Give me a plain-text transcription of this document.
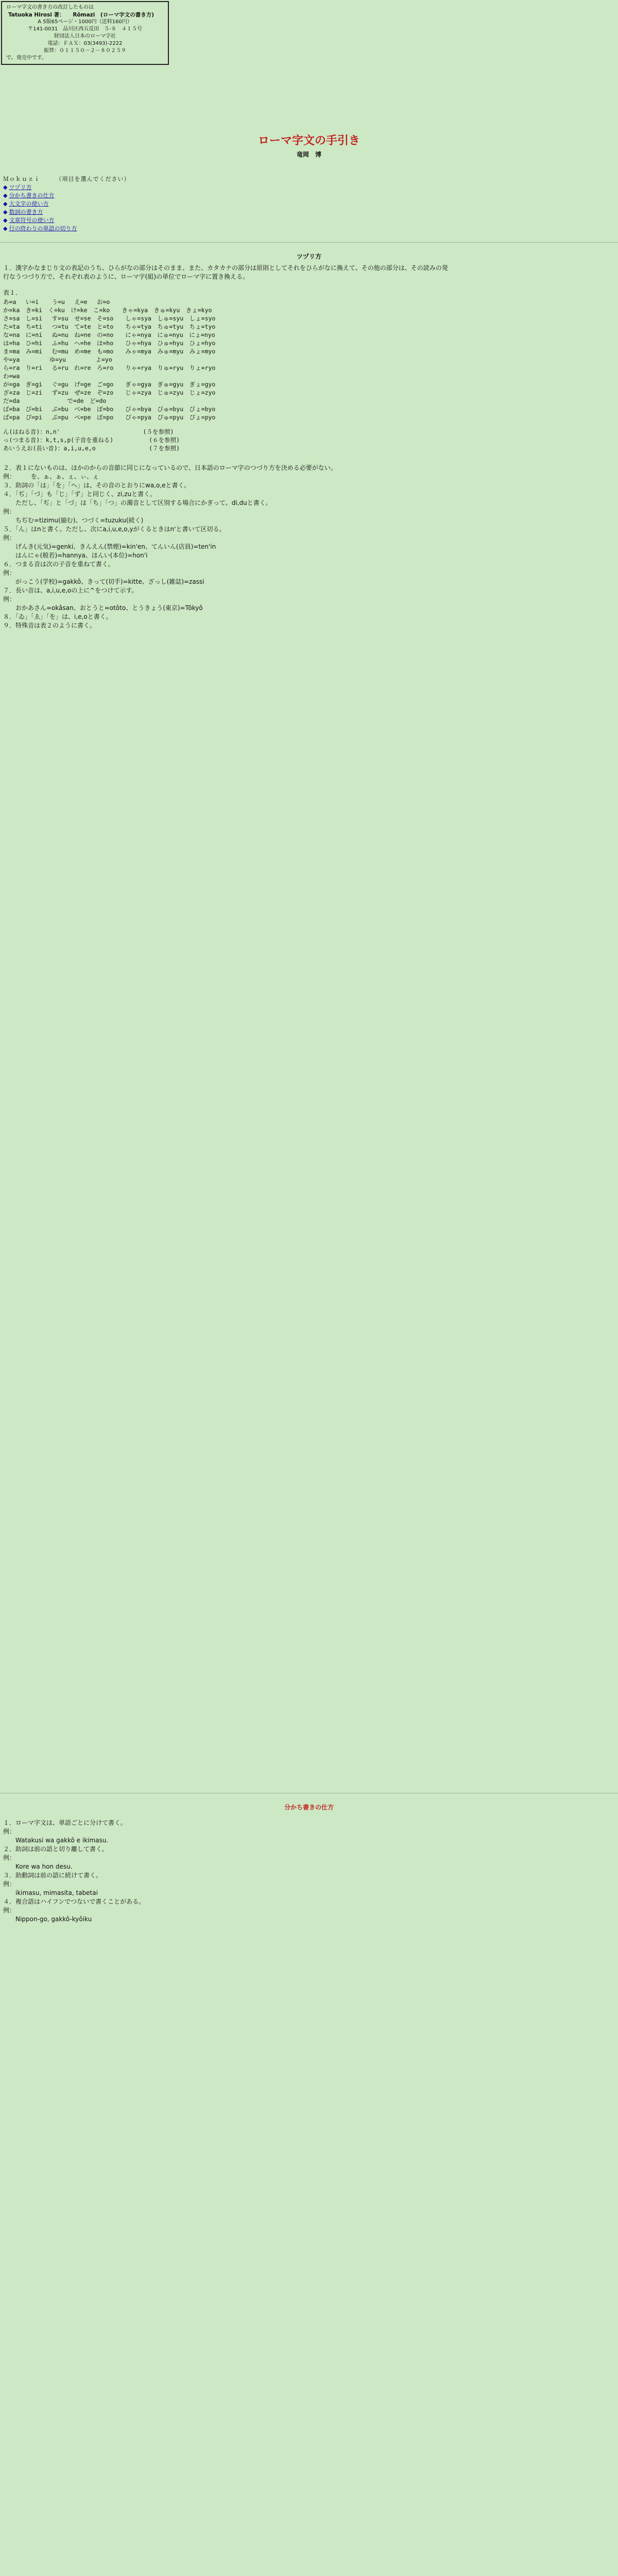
ローマ字文の書き方の改訂したものは
Tatuoka Hirosi 著：　　Rômazi　(ローマ字文の書き方)
A 5版65ページ・1000円（送料160円）
〒141-0031　品川区西五反田　５-８　４１５号
財団法人日本のローマ字社
電話：ＦＡＸ：03(3493)-2222
振替：０１１５０－２－８０２５９
で。発売中です。
ローマ字文の手引き
竜岡　博
Ｍｏｋｕｚｉ　　　（項目を選んでください）
◆ ツヅリ方
◆ 分かち書きの仕方
◆ 大文字の使い方
◆ 数詞の書き方
◆ 文章符号の使い方
◆ 行の終わりの単語の切り方
ツヅリ方
１．漢字かなまじり文の表記のうち、ひらがなの部分はそのまま、また、カタカナの部分は原則としてそれをひらがなに換えて、その他の部分は、その読みの発
行なうつづり方で、それぞれ表のように、ローマ字(組)の単位でローマ字に置き換える。
表１．
あ=a　 い=i　  う=u　 え=e　 お=o
か=ka　き=ki　く=ku　け=ke　こ=ko　　きゃ=kya　きゅ=kyu　きょ=kyo
さ=sa　し=si　 す=su　せ=se　そ=so　　しゃ=sya　しゅ=syu　しょ=syo
た=ta　ち=ti　 つ=tu　て=te　と=to　　ちゃ=tya　ちゅ=tyu　ちょ=tyo
な=na　に=ni　 ぬ=nu　ね=ne　の=no　　にゃ=nya　にゅ=nyu　にょ=nyo
は=ha　ひ=hi　 ふ=hu　へ=he　ほ=ho　　ひゃ=hya　ひゅ=hyu　ひょ=hyo
ま=ma　み=mi　 む=mu　め=me　も=mo　　みゃ=mya　みゅ=myu　みょ=myo
や=ya　　　　　ゆ=yu　　　　　よ=yo
ら=ra　り=ri　 る=ru　れ=re　ろ=ro　　りゃ=rya　りゅ=ryu　りょ=ryo
わ=wa
が=ga　ぎ=gi　 ぐ=gu　げ=ge　ご=go　　ぎゃ=gya　ぎゅ=gyu　ぎょ=gyo
ざ=za　じ=zi　 ず=zu　ぜ=ze　ぞ=zo　　じゃ=zya　じゅ=zyu　じょ=zyo
だ=da　　　　　　　　で=de　ど=do
ば=ba　び=bi　 ぶ=bu　べ=be　ぼ=bo　　びゃ=bya　びゅ=byu　びょ=byo
ぱ=pa　ぴ=pi　 ぷ=pu　ぺ=pe　ぽ=po　　ぴゃ=pya　ぴゅ=pyu　ぴょ=pyo
ん(はねる音)：n,n'　　　　　　　　　　　　　　(５を参照)
っ(つまる音)：k,t,s,p(子音を重ねる)　　　　　　(６を参照)
あいうえお(長い音)：a,i,u,e,o　　　　　　　　　(７を参照)
２．表１にないものは、ほかのからの音節に同じになっているので、日本語のローマ字のつづり方を決める必要がない。
例：　　　を、ぁ、ぁ、ぇ、ぃ、ぇ
３．助詞の「は」「を」「へ」は、その音のとおりにwa,o,eと書く。
４．「ぢ」「づ」も「じ」「ず」と同じく、zi,zuと書く。
　　ただし、「ぢ」と「づ」は「ち」「つ」の濁音として区別する場合にかぎって、di,duと書く。
例：
　　ちぢむ=tizimu(縮む)、つづく=tuzuku(続く)
５．「ん」はnと書く。ただし、次にa,i,u,e,o,yがくるときはn'と書いて区切る。
例：
　　げんき(元気)=genki、きんえん(禁煙)=kin'en、てんいん(店員)=ten'in
　　はんにゃ(般若)=hannya、ほんい(本位)=hon'i
６．つまる音は次の子音を重ねて書く。
例：
　　がっこう(学校)=gakkô、きって(切手)=kitte、ざっし(雑誌)=zassi
７．長い音は、a,i,u,e,oの上に^をつけて示す。
例：
　　おかあさん=okâsan、おとうと=otôto、とうきょう(東京)=Tôkyô
８．「ゐ」「ゑ」「を」は、i,e,oと書く。
９．特殊音は表２のように書く。
分かち書きの仕方
１．ローマ字文は、単語ごとに分けて書く。
例：
　　Watakusi wa gakkô e ikimasu.
２．助詞は前の語と切り離して書く。
例：
　　Kore wa hon desu.
３．助動詞は前の語に続けて書く。
例：
　　ikimasu, mimasita, tabetai
４．複合語はハイフンでつないで書くことがある。
例：
　　Nippon-go, gakkô-kyôiku
